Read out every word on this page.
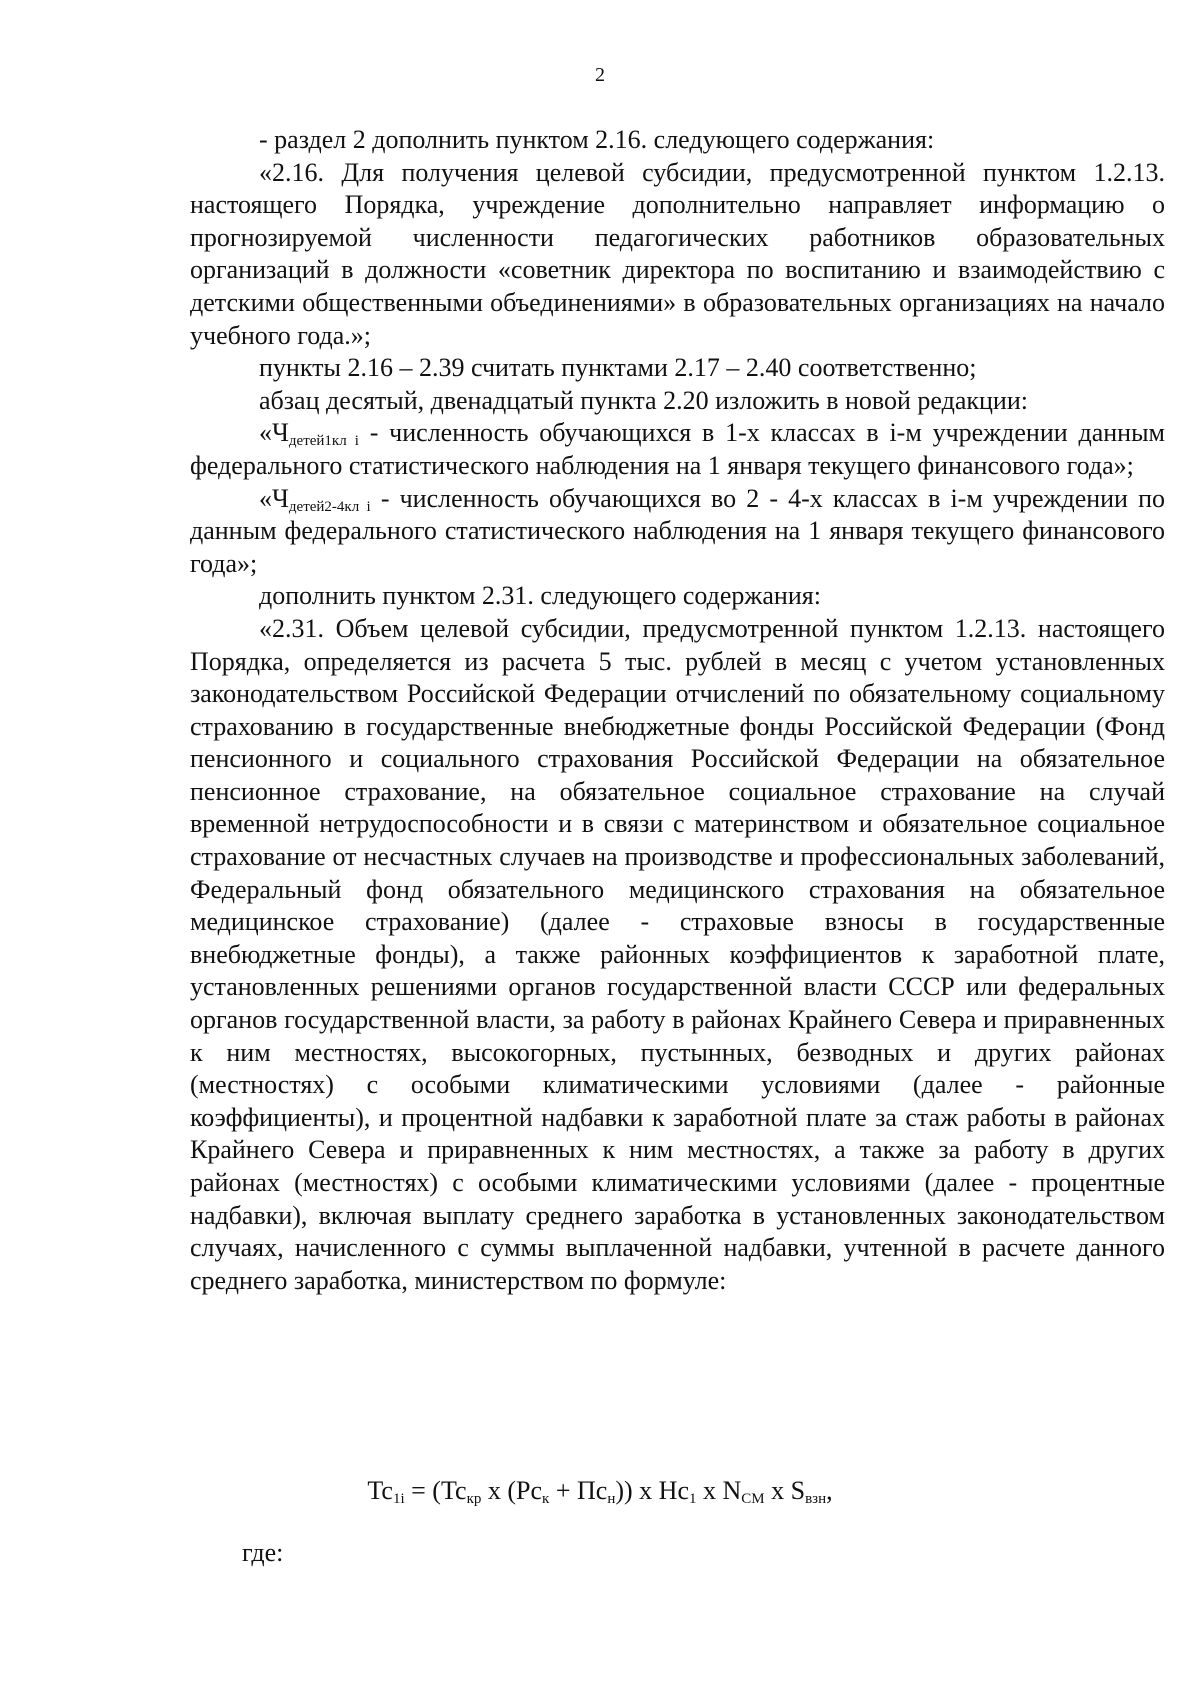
2

- раздел 2 дополнить пунктом 2.16. следующего содержания:

«2.16. Для получения целевой субсидии, предусмотренной пунктом 1.2.13. настоящего Порядка, учреждение дополнительно направляет информацию о прогнозируемой численности педагогических работников образовательных организаций в должности «советник директора по воспитанию и взаимодействию с детскими общественными объединениями» в образовательных организациях на начало учебного года.»;

пункты 2.16 – 2.39 считать пунктами 2.17 – 2.40 соответственно;

абзац десятый, двенадцатый пункта 2.20 изложить в новой редакции:

«$Ч_{детей1кл i}$ - численность обучающихся в 1-х классах в i-м учреждении данным федерального статистического наблюдения на 1 января текущего финансового года»;

«$Ч_{детей2-4кл i}$ - численность обучающихся во 2 - 4-х классах в i-м учреждении по данным федерального статистического наблюдения на 1 января текущего финансового года»;

дополнить пунктом 2.31. следующего содержания:

«2.31. Объем целевой субсидии, предусмотренной пунктом 1.2.13. настоящего Порядка, определяется из расчета 5 тыс. рублей в месяц с учетом установленных законодательством Российской Федерации отчислений по обязательному социальному страхованию в государственные внебюджетные фонды Российской Федерации (Фонд пенсионного и социального страхования Российской Федерации на обязательное пенсионное страхование, на обязательное социальное страхование на случай временной нетрудоспособности и в связи с материнством и обязательное социальное страхование от несчастных случаев на производстве и профессиональных заболеваний, Федеральный фонд обязательного медицинского страхования на обязательное медицинское страхование) (далее - страховые взносы в государственные внебюджетные фонды), а также районных коэффициентов к заработной плате, установленных решениями органов государственной власти СССР или федеральных органов государственной власти, за работу в районах Крайнего Севера и приравненных к ним местностях, высокогорных, пустынных, безводных и других районах (местностях) с особыми климатическими условиями (далее - районные коэффициенты), и процентной надбавки к заработной плате за стаж работы в районах Крайнего Севера и приравненных к ним местностях, а также за работу в других районах (местностях) с особыми климатическими условиями (далее - процентные надбавки), включая выплату среднего заработка в установленных законодательством случаях, начисленного с суммы выплаченной надбавки, учтенной в расчете данного среднего заработка, министерством по формуле:

$Tc_{1i} = (Tc_{кр}$ х $(Pc_к + Пc_н)$) х $Hc_1$ х $N_{CM}$ х $S_{взн}$,
где:
